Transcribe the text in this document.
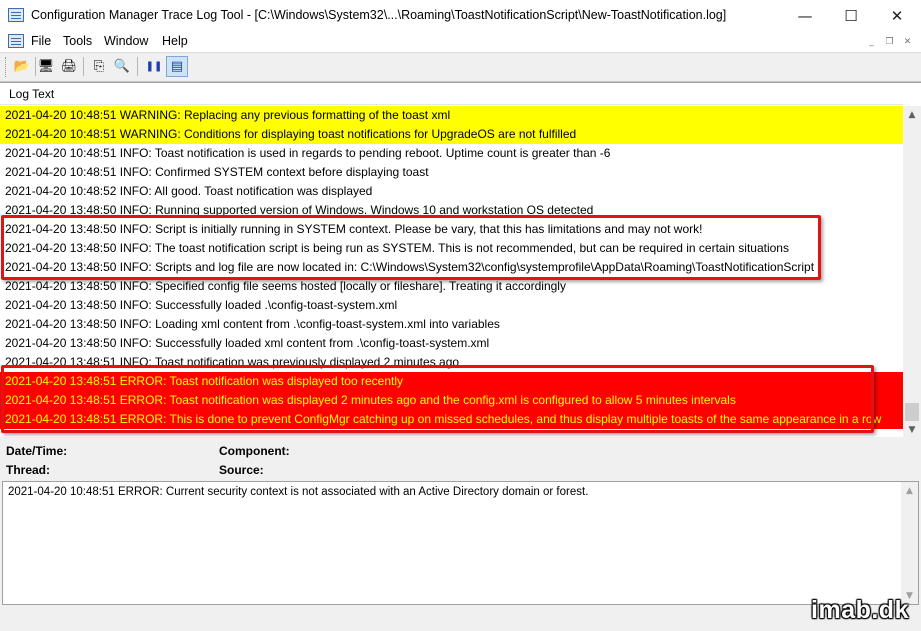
Configuration Manager Trace Log Tool - [C:\Windows\System32\...\Roaming\ToastNotificationScript\New-ToastNotification.log]	—	☐	✕
File Tools Window Help	_	❐	✕
📂 🖥 🖨	⎘ 🔍 ❚❚ ▤
Log Text
2021-04-20 10:48:51 WARNING: Replacing any previous formatting of the toast xml
2021-04-20 10:48:51 WARNING: Conditions for displaying toast notifications for UpgradeOS are not fulfilled
2021-04-20 10:48:51 INFO: Toast notification is used in regards to pending reboot. Uptime count is greater than -6
2021-04-20 10:48:51 INFO: Confirmed SYSTEM context before displaying toast
2021-04-20 10:48:52 INFO: All good. Toast notification was displayed
2021-04-20 13:48:50 INFO: Running supported version of Windows. Windows 10 and workstation OS detected
2021-04-20 13:48:50 INFO: Script is initially running in SYSTEM context. Please be vary, that this has limitations and may not work!
2021-04-20 13:48:50 INFO: The toast notification script is being run as SYSTEM. This is not recommended, but can be required in certain situations
2021-04-20 13:48:50 INFO: Scripts and log file are now located in: C:\Windows\System32\config\systemprofile\AppData\Roaming\ToastNotificationScript
2021-04-20 13:48:50 INFO: Specified config file seems hosted [locally or fileshare]. Treating it accordingly
2021-04-20 13:48:50 INFO: Successfully loaded .\config-toast-system.xml
2021-04-20 13:48:50 INFO: Loading xml content from .\config-toast-system.xml into variables
2021-04-20 13:48:50 INFO: Successfully loaded xml content from .\config-toast-system.xml
2021-04-20 13:48:51 INFO: Toast notification was previously displayed 2 minutes ago
2021-04-20 13:48:51 ERROR: Toast notification was displayed too recently
2021-04-20 13:48:51 ERROR: Toast notification was displayed 2 minutes ago and the config.xml is configured to allow 5 minutes intervals
2021-04-20 13:48:51 ERROR: This is done to prevent ConfigMgr catching up on missed schedules, and thus display multiple toasts of the same appearance in a row
▲
▼
Date/Time:	Component:
Thread:	Source:
2021-04-20 10:48:51 ERROR: Current security context is not associated with an Active Directory domain or forest.	▲
▼
imab.dk
